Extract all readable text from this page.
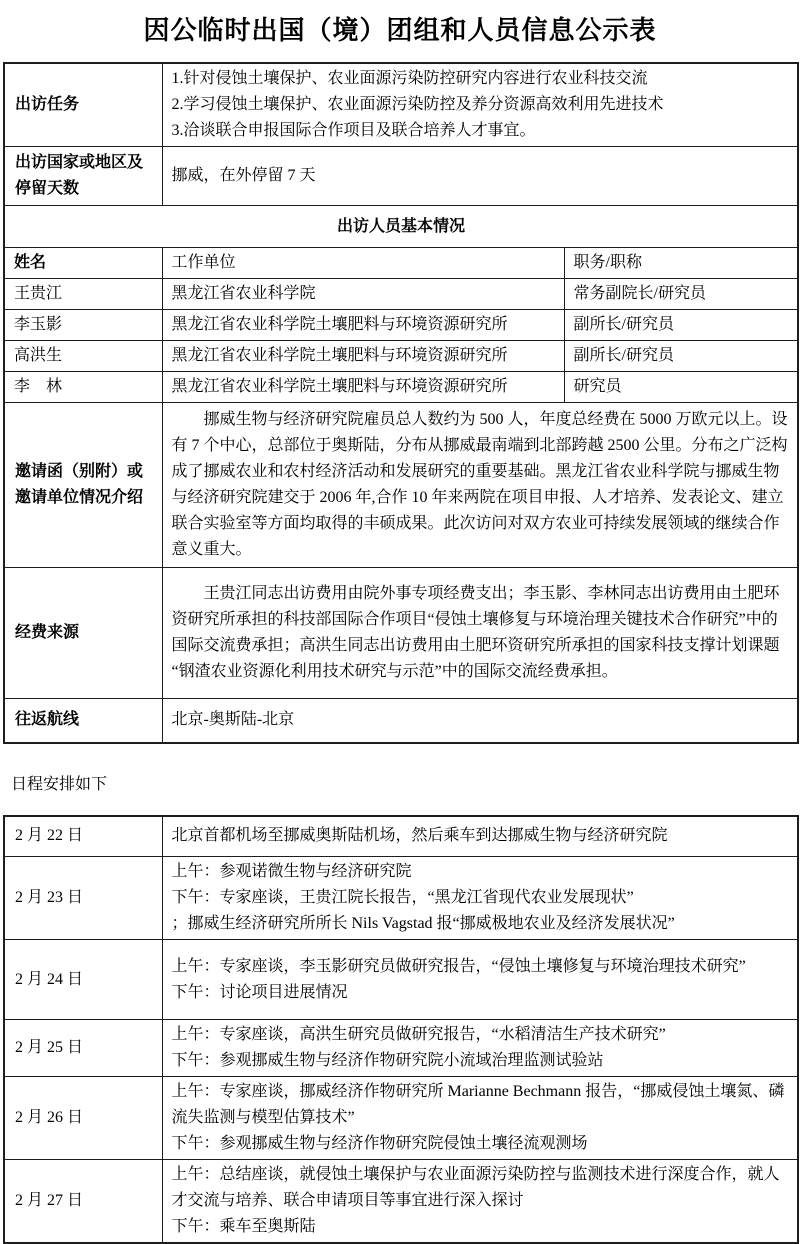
因公临时出国（境）团组和人员信息公示表
出访任务	1.针对侵蚀土壤保护、农业面源污染防控研究内容进行农业科技交流
2.学习侵蚀土壤保护、农业面源污染防控及养分资源高效利用先进技术
3.洽谈联合申报国际合作项目及联合培养人才事宜。	

出访国家或地区及停留天数	挪威，在外停留 7 天	
出访人员基本情况		
姓名	工作单位	职务/职称
王贵江	黑龙江省农业科学院	常务副院长/研究员
李玉影	黑龙江省农业科学院土壤肥料与环境资源研究所	副所长/研究员
高洪生	黑龙江省农业科学院土壤肥料与环境资源研究所	副所长/研究员
李　林	黑龙江省农业科学院土壤肥料与环境资源研究所	研究员
邀请函（别附）或邀请单位情况介绍	挪威生物与经济研究院雇员总人数约为 500 人，年度总经费在 5000 万欧元以上。设有 7 个中心，总部位于奥斯陆，分布从挪威最南端到北部跨越 2500 公里。分布之广泛构成了挪威农业和农村经济活动和发展研究的重要基础。黑龙江省农业科学院与挪威生物与经济研究院建交于 2006 年,合作 10 年来两院在项目申报、人才培养、发表论文、建立联合实验室等方面均取得的丰硕成果。此次访问对双方农业可持续发展领域的继续合作意义重大。	

经费来源	王贵江同志出访费用由院外事专项经费支出；李玉影、李林同志出访费用由土肥环资研究所承担的科技部国际合作项目“侵蚀土壤修复与环境治理关键技术合作研究”中的国际交流费承担；高洪生同志出访费用由土肥环资研究所承担的国家科技支撑计划课题“钢渣农业资源化利用技术研究与示范”中的国际交流经费承担。	

往返航线	北京-奥斯陆-北京	
日程安排如下
2 月 22 日	北京首都机场至挪威奥斯陆机场，然后乘车到达挪威生物与经济研究院

2 月 23 日	上午：参观诺微生物与经济研究院
下午：专家座谈，王贵江院长报告，“黑龙江省现代农业发展现状”
；挪威生经济研究所所长 Nils Vagstad 报“挪威极地农业及经济发展状况”

2 月 24 日	上午：专家座谈，李玉影研究员做研究报告，“侵蚀土壤修复与环境治理技术研究”
下午：讨论项目进展情况

2 月 25 日	上午：专家座谈，高洪生研究员做研究报告，“水稻清洁生产技术研究”
下午：参观挪威生物与经济作物研究院小流域治理监测试验站

2 月 26 日	上午：专家座谈，挪威经济作物研究所 Marianne Bechmann 报告，“挪威侵蚀土壤氮、磷流失监测与模型估算技术”
下午：参观挪威生物与经济作物研究院侵蚀土壤径流观测场

2 月 27 日	上午：总结座谈，就侵蚀土壤保护与农业面源污染防控与监测技术进行深度合作，就人才交流与培养、联合申请项目等事宜进行深入探讨
下午：乘车至奥斯陆
